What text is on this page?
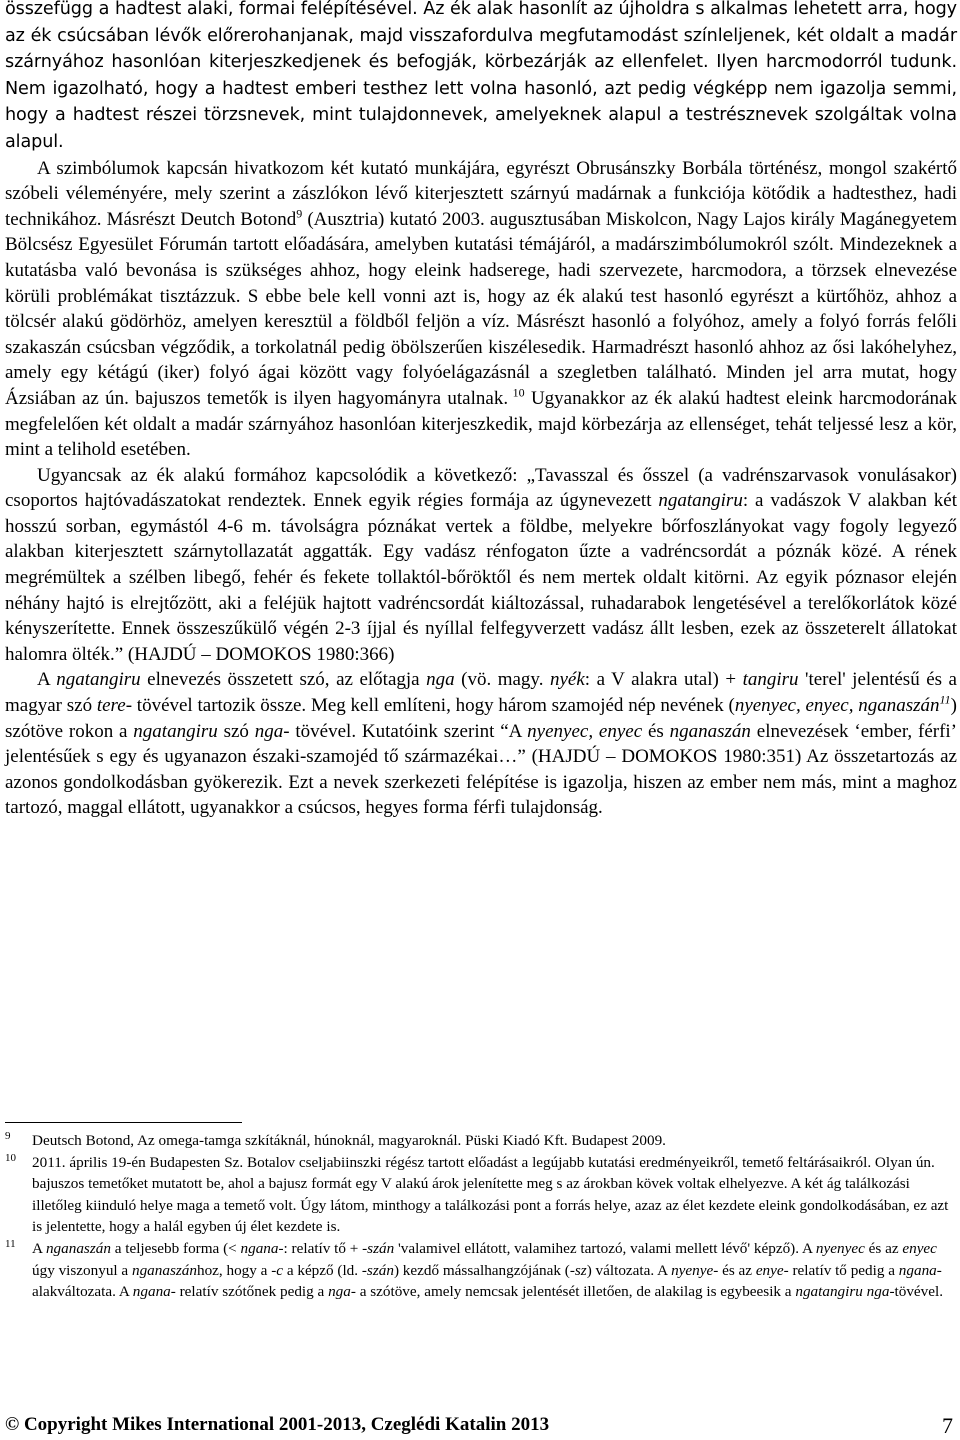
összefügg a hadtest alaki, formai felépítésével. Az ék alak hasonlít az újholdra s alkalmas lehetett arra, hogy az ék csúcsában lévők előrerohanjanak, majd visszafordulva megfutamodást színleljenek, két oldalt a madár szárnyához hasonlóan kiterjeszkedjenek és befogják, körbezárják az ellenfelet. Ilyen harcmodorról tudunk. Nem igazolható, hogy a hadtest emberi testhez lett volna hasonló, azt pedig végképp nem igazolja semmi, hogy a hadtest részei törzsnevek, mint tulajdonnevek, amelyeknek alapul a testrésznevek szolgáltak volna alapul.

A szimbólumok kapcsán hivatkozom két kutató munkájára, egyrészt Obrusánszky Borbála történész, mongol szakértő szóbeli véleményére, mely szerint a zászlókon lévő kiterjesztett szárnyú madárnak a funkciója kötődik a hadtesthez, hadi technikához. Másrészt Deutch Botond$^9$ (Ausztria) kutató 2003. augusztusában Miskolcon, Nagy Lajos király Magánegyetem Bölcsész Egyesület Fórumán tartott előadására, amelyben kutatási témájáról, a madárszimbólumokról szólt. Mindezeknek a kutatásba való bevonása is szükséges ahhoz, hogy eleink hadserege, hadi szervezete, harcmodora, a törzsek elnevezése körüli problémákat tisztázzuk. S ebbe bele kell vonni azt is, hogy az ék alakú test hasonló egyrészt a kürtőhöz, ahhoz a tölcsér alakú gödörhöz, amelyen keresztül a földből feljön a víz. Másrészt hasonló a folyóhoz, amely a folyó forrás felőli szakaszán csúcsban végződik, a torkolatnál pedig öbölszerűen kiszélesedik. Harmadrészt hasonló ahhoz az ősi lakóhelyhez, amely egy kétágú (iker) folyó ágai között vagy folyóelágazásnál a szegletben található. Minden jel arra mutat, hogy Ázsiában az ún. bajuszos temetők is ilyen hagyományra utalnak. $^{10}$ Ugyanakkor az ék alakú hadtest eleink harcmodorának megfelelően két oldalt a madár szárnyához hasonlóan kiterjeszkedik, majd körbezárja az ellenséget, tehát teljessé lesz a kör, mint a telihold esetében.

Ugyancsak az ék alakú formához kapcsolódik a következő: „Tavasszal és ősszel (a vadrénszarvasok vonulásakor) csoportos hajtóvadászatokat rendeztek. Ennek egyik régies formája az úgynevezett ngatangiru: a vadászok V alakban két hosszú sorban, egymástól 4-6 m. távolságra póznákat vertek a földbe, melyekre bőrfoszlányokat vagy fogoly legyező alakban kiterjesztett szárnytollazatát aggatták. Egy vadász rénfogaton űzte a vadréncsordát a póznák közé. A rének megrémültek a szélben libegő, fehér és fekete tollaktól-bőröktől és nem mertek oldalt kitörni. Az egyik póznasor elején néhány hajtó is elrejtőzött, aki a feléjük hajtott vadréncsordát kiáltozással, ruhadarabok lengetésével a terelőkorlátok közé kényszerítette. Ennek összeszűkülő végén 2-3 íjjal és nyíllal felfegyverzett vadász állt lesben, ezek az összeterelt állatokat halomra ölték.” (HAJDÚ – DOMOKOS 1980:366)

A ngatangiru elnevezés összetett szó, az előtagja nga (vö. magy. nyék: a V alakra utal) + tangiru 'terel' jelentésű és a magyar szó tere- tövével tartozik össze. Meg kell említeni, hogy három szamojéd nép nevének (nyenyec, enyec, nganaszán$^{11}$) szótöve rokon a ngatangiru szó nga- tövével. Kutatóink szerint “A nyenyec, enyec és nganaszán elnevezések ‘ember, férfi’ jelentésűek s egy és ugyanazon északi-szamojéd tő származékai…” (HAJDÚ – DOMOKOS 1980:351) Az összetartozás az azonos gondolkodásban gyökerezik. Ezt a nevek szerkezeti felépítése is igazolja, hiszen az ember nem más, mint a maghoz tartozó, maggal ellátott, ugyanakkor a csúcsos, hegyes forma férfi tulajdonság.

9 Deutsch Botond, Az omega-tamga szkítáknál, húnoknál, magyaroknál. Püski Kiadó Kft. Budapest 2009.

10 2011. április 19-én Budapesten Sz. Botalov cseljabiinszki régész tartott előadást a legújabb kutatási eredményeikről, temető feltárásaikról. Olyan ún. bajuszos temetőket mutatott be, ahol a bajusz formát egy V alakú árok jelenítette meg s az árokban kövek voltak elhelyezve. A két ág találkozási illetőleg kiinduló helye maga a temető volt. Úgy látom, minthogy a találkozási pont a forrás helye, azaz az élet kezdete eleink gondolkodásában, ez azt is jelentette, hogy a halál egyben új élet kezdete is.

11 A nganaszán a teljesebb forma (< ngana-: relatív tő + -szán 'valamivel ellátott, valamihez tartozó, valami mellett lévő' képző). A nyenyec és az enyec úgy viszonyul a nganaszánhoz, hogy a -c a képző (ld. -szán) kezdő mássalhangzójának (-sz) változata. A nyenye- és az enye- relatív tő pedig a ngana- alakváltozata. A ngana- relatív szótőnek pedig a nga- a szótöve, amely nemcsak jelentését illetően, de alakilag is egybeesik a ngatangiru nga-tövével.

© Copyright Mikes International 2001-2013, Czeglédi Katalin 2013	7
